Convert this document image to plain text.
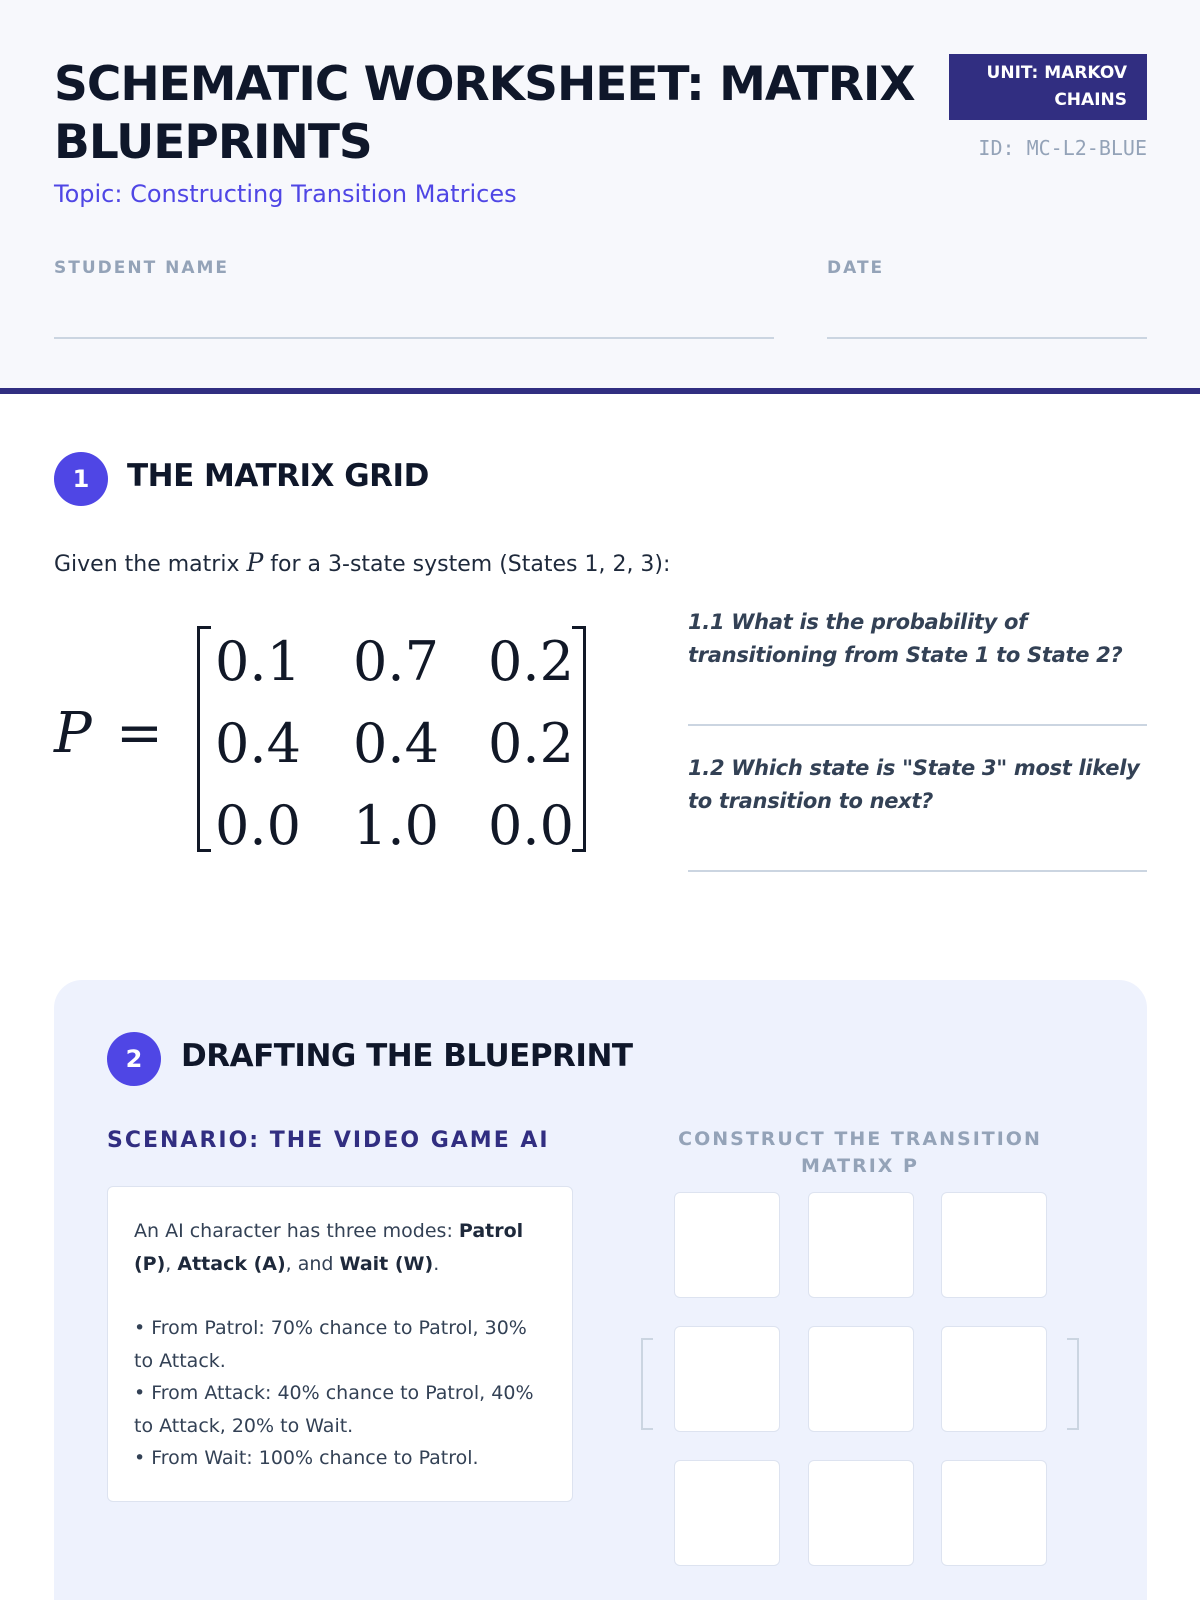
SCHEMATIC WORKSHEET: MATRIX BLUEPRINTS
UNIT: MARKOV CHAINS
ID: MC-L2-BLUE
Topic: Constructing Transition Matrices
STUDENT NAME	DATE
1	THE MATRIX GRID
Given the matrix P for a 3-state system (States 1, 2, 3):
P =
0.1 0.7 0.2
0.4 0.4 0.2
0.0 1.0 0.0
1.1 What is the probability of transitioning from State 1 to State 2?
1.2 Which state is "State 3" most likely to transition to next?
2	DRAFTING THE BLUEPRINT
SCENARIO: THE VIDEO GAME AI

An AI character has three modes: Patrol (P), Attack (A), and Wait (W).

• From Patrol: 70% chance to Patrol, 30% to Attack.

• From Attack: 40% chance to Patrol, 40% to Attack, 20% to Wait.

• From Wait: 100% chance to Patrol.

CONSTRUCT THE TRANSITION MATRIX P
